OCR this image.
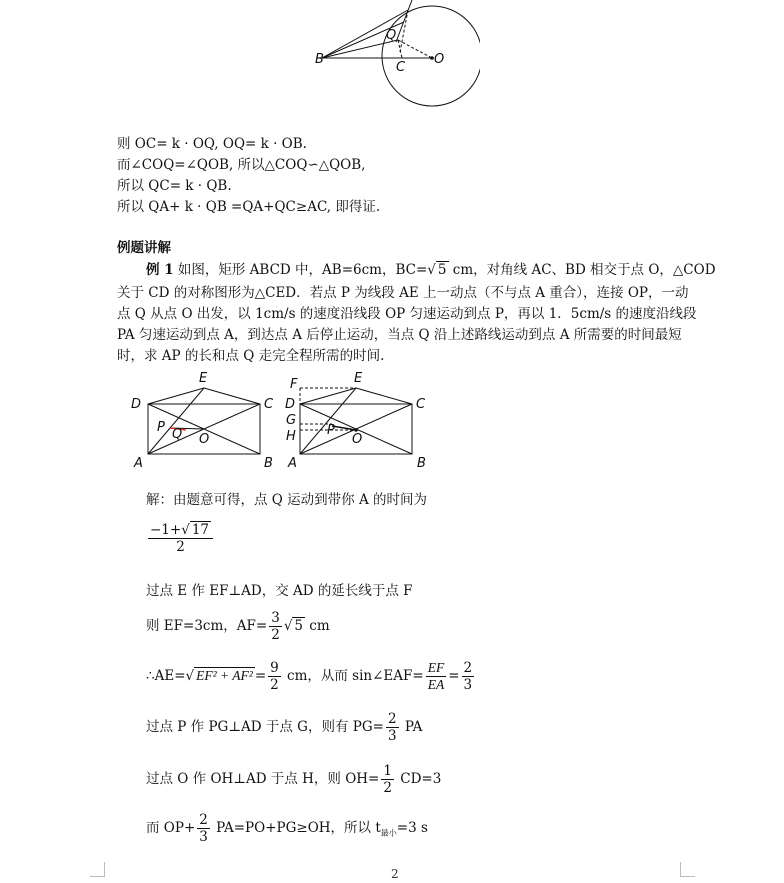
B
Q
C
O
则 OC= k · OQ, OQ= k · OB.
而∠COQ=∠QOB, 所以△COQ∽△QOB,
所以 QC= k · QB.
所以 QA+ k · QB =QA+QC≥AC, 即得证.
例题讲解
例 1 如图，矩形 ABCD 中，AB=6cm，BC=√ 5 cm，对角线 AC、BD 相交于点 O，△COD
关于 CD 的对称图形为△CED．若点 P 为线段 AE 上一动点（不与点 A 重合），连接 OP，一动
点 Q 从点 O 出发，以 1cm/s 的速度沿线段 OP 匀速运动到点 P，再以 1．5cm/s 的速度沿线段
PA 匀速运动到点 A，到达点 A 后停止运动，当点 Q 沿上述路线运动到点 A 所需要的时间最短
时，求 AP 的长和点 Q 走完全程所需的时间.
E
D	C
P Q O
A	B
F	E
D	C
G
H P
O
A	B
解：由题意可得，点 Q 运动到带你 A 的时间为
$\frac{-1+√ 17}{2}$
过点 E 作 EF⊥AD，交 AD 的延长线于点 F
则 EF=3cm，$AF= \frac{3}{2}$ √ 5 cm
∴AE=√ $EF^2 + AF^2 = \frac{9}{2}$ cm，从而 sin∠EAF= $\frac{EF}{EA} = \frac{2}{3}$
过点 P 作 PG⊥AD 于点 G，则有 $PG= \frac{2}{3}$ PA
过点 O 作 OH⊥AD 于点 H，则 $OH= \frac{1}{2} CD=3$
而 $OP+ \frac{2}{3} PA=PO+PG\ge OH$，所以 $t_{最小}=3$ s
2
